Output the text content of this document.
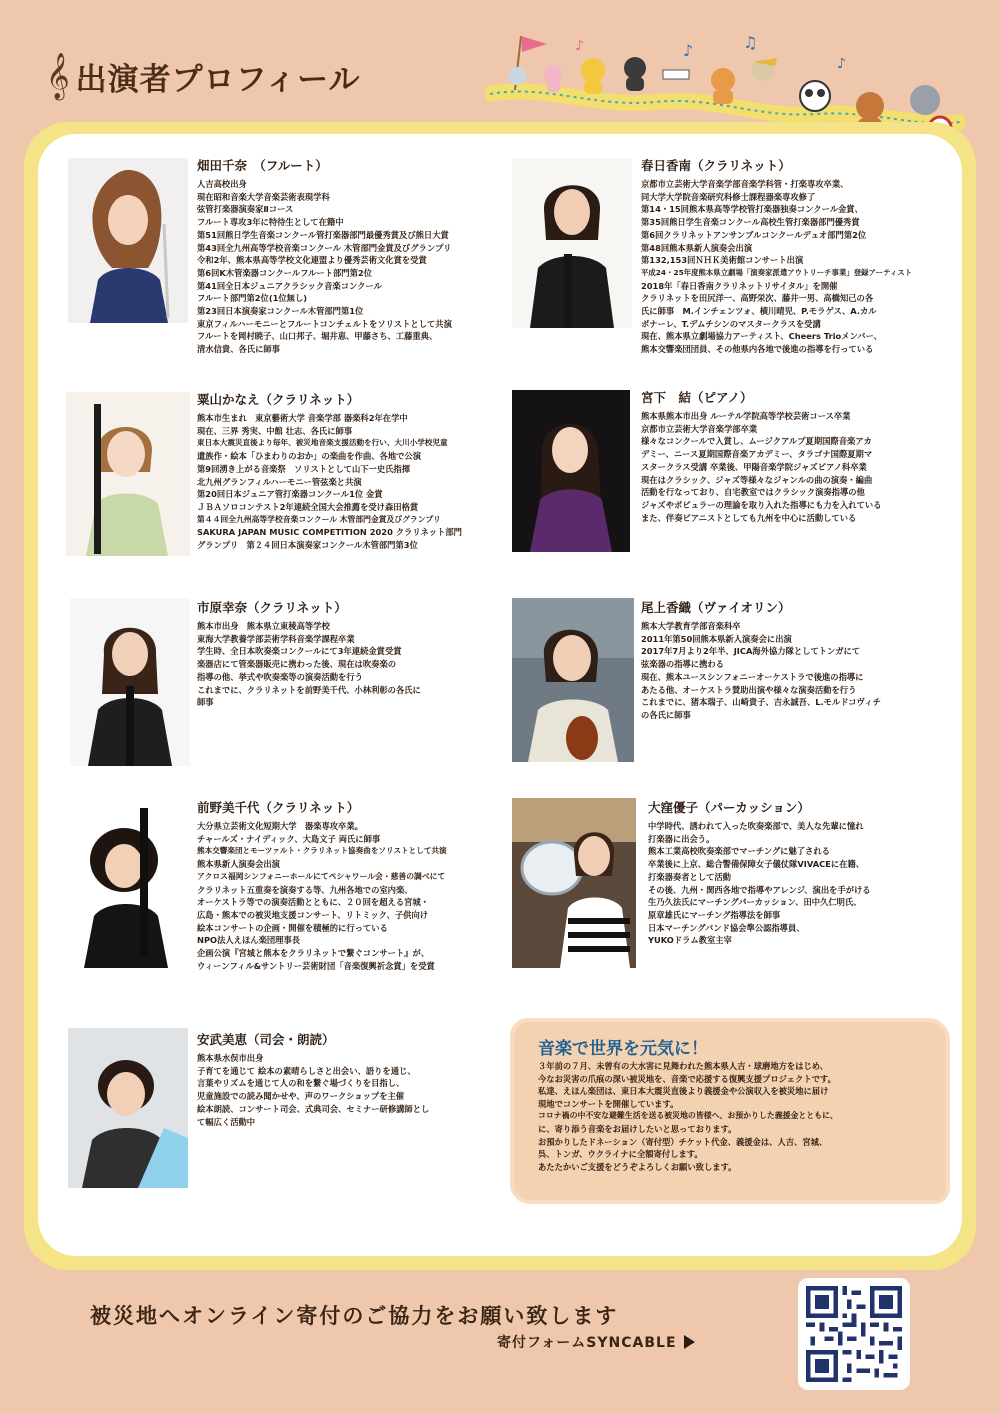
𝄞 出演者プロフィール
♪	♫
♪
♪
畑田千奈　（フルート）
人吉高校出身
現在昭和音楽大学音楽芸術表現学科
弦管打楽器演奏家Ⅱコース
フルート専攻3年に特待生として在籍中
第51回熊日学生音楽コンクール管打楽器部門最優秀賞及び熊日大賞
第43回全九州高等学校音楽コンクール 木管部門金賞及びグランプリ
令和2年、熊本県高等学校文化連盟より優秀芸術文化賞を受賞
第6回K木管楽器コンクールフルート部門第2位
第41回全日本ジュニアクラシック音楽コンクール
フルート部門第2位(1位無し)
第23回日本演奏家コンクール木管部門第1位
東京フィルハーモニーとフルートコンチェルトをソリストとして共演
フルートを岡村暁子、山口邦子、堀井恵、甲藤さち、工藤重典、
清水信貴、各氏に師事
春日香南（クラリネット）
京都市立芸術大学音楽学部音楽学科管・打楽専攻卒業、
同大学大学院音楽研究科修士課程器楽専攻修了
第14・15回熊本県高等学校管打楽器独奏コンクール金賞、
第35回熊日学生音楽コンクール高校生管打楽器部門優秀賞
第6回クラリネットアンサンブルコンクールデュオ部門第2位
第48回熊本県新人演奏会出演
第132,153回ＮＨＫ美術館コンサート出演
平成24・25年度熊本県立劇場「演奏家派遣アウトリーチ事業」登録アーティスト
2018年「春日香南クラリネットリサイタル」を開催
クラリネットを田尻洋一、高野栄次、藤井一男、高橋知己の各
氏に師事　M.インチェンツォ、横川晴児、P.モラゲス、A.カル
ボナーレ、T.デムチシンのマスタークラスを受講
現在、熊本県立劇場協力アーティスト、Cheers Trioメンバー、
熊本交響楽団団員、その他県内各地で後進の指導を行っている
粟山かなえ（クラリネット）
熊本市生まれ　東京藝術大学 音楽学部 器楽科2年在学中
現在、三界 秀実、中館 壮志、各氏に師事
東日本大震災直後より毎年、被災地音楽支援活動を行い、大川小学校児童
遺族作・絵本「ひまわりのおか」の楽曲を作曲、各地で公演
第9回湧き上がる音楽祭　ソリストとして山下一史氏指揮
北九州グランフィルハーモニー管弦楽と共演
第20回日本ジュニア管打楽器コンクール1位 金賞
ＪＢＡソロコンテスト2年連続全国大会推薦を受け森田格賞
第４４回全九州高等学校音楽コンクール 木管部門金賞及びグランプリ
SAKURA JAPAN MUSIC COMPETITION 2020 クラリネット部門
グランプリ　第２４回日本演奏家コンクール木管部門第3位
宮下　結（ピアノ）
熊本県熊本市出身 ルーテル学院高等学校芸術コース卒業
京都市立芸術大学音楽学部卒業
様々なコンクールで入賞し、ムージクアルプ夏期国際音楽アカ
デミー、ニース夏期国際音楽アカデミー、タラゴナ国際夏期マ
スタークラス受講 卒業後、甲陽音楽学院ジャズピアノ科卒業
現在はクラシック、ジャズ等様々なジャンルの曲の演奏・編曲
活動を行なっており、自宅教室ではクラシック演奏指導の他
ジャズやポピュラーの理論を取り入れた指導にも力を入れている
また、伴奏ピアニストとしても九州を中心に活動している
市原幸奈（クラリネット）
熊本市出身　熊本県立東稜高等学校
東海大学教養学部芸術学科音楽学課程卒業
学生時、全日本吹奏楽コンクールにて3年連続金賞受賞
楽器店にて管楽器販売に携わった後、現在は吹奏楽の
指導の他、挙式や吹奏楽等の演奏活動を行う
これまでに、クラリネットを前野美千代、小林利彰の各氏に
師事
尾上香織（ヴァイオリン）
熊本大学教育学部音楽科卒
2011年第50回熊本県新人演奏会に出演
2017年7月より2年半、JICA海外協力隊としてトンガにて
弦楽器の指導に携わる
現在、熊本ユースシンフォニーオーケストラで後進の指導に
あたる他、オーケストラ賛助出演や様々な演奏活動を行う
これまでに、猪本瑞子、山崎貴子、吉永誠吾、L.モルドコヴィチ
の各氏に師事
前野美千代（クラリネット）
大分県立芸術文化短期大学　器楽専攻卒業。
チャールズ・ナイディック、大島文子 両氏に師事
熊本交響楽団とモーツァルト・クラリネット協奏曲をソリストとして共演
熊本県新人演奏会出演
アクロス福岡シンフォニーホールにてペシャワール会・慈善の調べにて
クラリネット五重奏を演奏する等、九州各地での室内楽、
オーケストラ等での演奏活動とともに、２０回を超える宮城・
広島・熊本での被災地支援コンサート、リトミック、子供向け
絵本コンサートの企画・開催を積極的に行っている
NPO法人えほん楽団理事長
企画公演『宮城と熊本をクラリネットで繋ぐコンサート』が、
ウィーンフィル&サントリー芸術財団「音楽復興祈念賞」を受賞
大窪優子（パーカッション）
中学時代、誘われて入った吹奏楽部で、美人な先輩に憧れ
打楽器に出会う。
熊本工業高校吹奏楽部でマーチングに魅了される
卒業後に上京、総合警備保障女子儀仗隊VIVACEに在籍、
打楽器奏者として活動
その後、九州・関西各地で指導やアレンジ、演出を手がける
生乃久法氏にマーチングパーカッション、田中久仁明氏、
原章雄氏にマーチング指導法を師事
日本マーチングバンド協会準公認指導員、
YUKOドラム教室主宰
安武美恵（司会・朗読）
熊本県水俣市出身
子育てを通じて 絵本の素晴らしさと出会い、語りを通じ、
言葉やリズムを通じて人の和を繋ぐ場づくりを目指し、
児童施設での読み聞かせや、声のワークショップを主催
絵本朗読、コンサート司会、式典司会、セミナー研修講師とし
て幅広く活動中
音楽で世界を元気に！
３年前の７月、未曾有の大水害に見舞われた熊本県人吉・球磨地方をはじめ、
今なお災害の爪痕の深い被災地を、音楽で応援する復興支援プロジェクトです。
私達、えほん楽団は、東日本大震災直後より義援金や公演収入を被災地に届け
現地でコンサートを開催しています。
コロナ禍の中不安な避難生活を送る被災地の皆様へ、お預かりした義援金とともに、
に、寄り添う音楽をお届けしたいと思っております。
お預かりしたドネーション（寄付型）チケット代金、義援金は、人吉、宮城、
呉、トンガ、ウクライナに全額寄付します。
あたたかいご支援をどうぞよろしくお願い致します。
被災地へオンライン寄付のご協力をお願い致します
寄付フォームSYNCABLE
